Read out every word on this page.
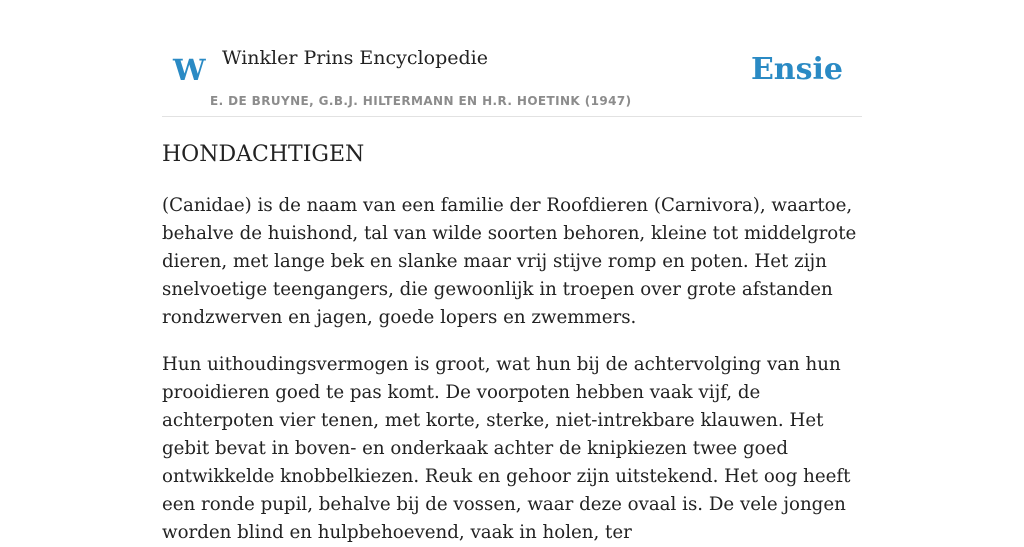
W Winkler Prins Encyclopedie
E. DE BRUYNE, G.B.J. HILTERMANN EN H.R. HOETINK (1947)
Ensie
HONDACHTIGEN

(Canidae) is de naam van een familie der Roofdieren (Carnivora), waartoe, behalve de huishond, tal van wilde soorten behoren, kleine tot middelgrote dieren, met lange bek en slanke maar vrij stijve romp en poten. Het zijn snelvoetige teengangers, die gewoonlijk in troepen over grote afstanden rondzwerven en jagen, goede lopers en zwemmers.

Hun uithoudingsvermogen is groot, wat hun bij de achtervolging van hun prooidieren goed te pas komt. De voorpoten hebben vaak vijf, de achterpoten vier tenen, met korte, sterke, niet-intrekbare klauwen. Het gebit bevat in boven- en onderkaak achter de knipkiezen twee goed ontwikkelde knobbelkiezen. Reuk en gehoor zijn uitstekend. Het oog heeft een ronde pupil, behalve bij de vossen, waar deze ovaal is. De vele jongen worden blind en hulpbehoevend, vaak in holen, ter
